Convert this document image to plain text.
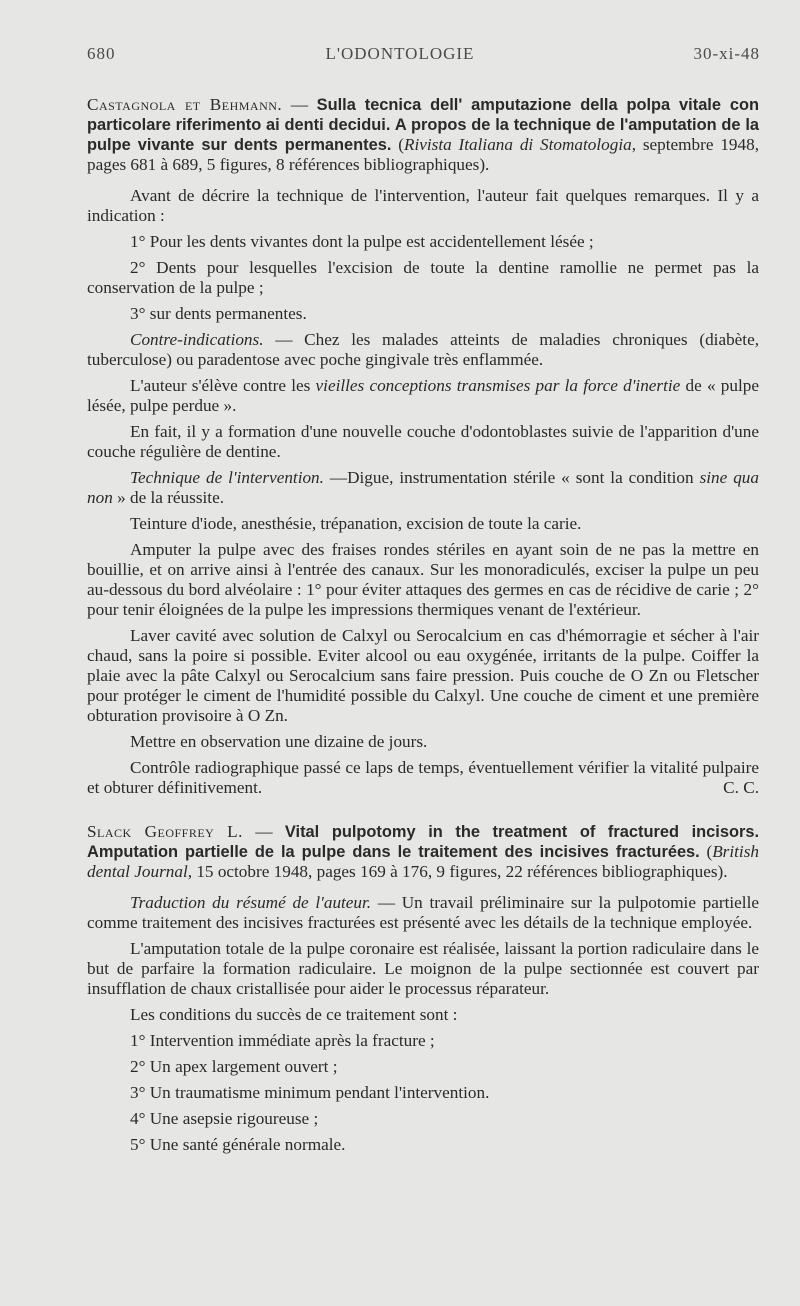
680	L'ODONTOLOGIE	30-xi-48

Castagnola et Behmann. — Sulla tecnica dell' amputazione della polpa vitale con particolare riferimento ai denti decidui. A propos de la technique de l'amputation de la pulpe vivante sur dents permanentes. (Rivista Italiana di Stomatologia, septembre 1948, pages 681 à 689, 5 figures, 8 références bibliographiques).

Avant de décrire la technique de l'intervention, l'auteur fait quelques remarques. Il y a indication :

1° Pour les dents vivantes dont la pulpe est accidentellement lésée ;

2° Dents pour lesquelles l'excision de toute la dentine ramollie ne permet pas la conservation de la pulpe ;

3° sur dents permanentes.

Contre-indications. — Chez les malades atteints de maladies chroniques (diabète, tuberculose) ou paradentose avec poche gingivale très enflammée.

L'auteur s'élève contre les vieilles conceptions transmises par la force d'inertie de « pulpe lésée, pulpe perdue ».

En fait, il y a formation d'une nouvelle couche d'odontoblastes suivie de l'apparition d'une couche régulière de dentine.

Technique de l'intervention. —Digue, instrumentation stérile « sont la condition sine qua non » de la réussite.

Teinture d'iode, anesthésie, trépanation, excision de toute la carie.

Amputer la pulpe avec des fraises rondes stériles en ayant soin de ne pas la mettre en bouillie, et on arrive ainsi à l'entrée des canaux. Sur les monoradiculés, exciser la pulpe un peu au-dessous du bord alvéolaire : 1° pour éviter attaques des germes en cas de récidive de carie ; 2° pour tenir éloignées de la pulpe les impressions thermiques venant de l'extérieur.

Laver cavité avec solution de Calxyl ou Serocalcium en cas d'hémorragie et sécher à l'air chaud, sans la poire si possible. Eviter alcool ou eau oxygénée, irritants de la pulpe. Coiffer la plaie avec la pâte Calxyl ou Serocalcium sans faire pression. Puis couche de O Zn ou Fletscher pour protéger le ciment de l'humidité possible du Calxyl. Une couche de ciment et une première obturation provisoire à O Zn.

Mettre en observation une dizaine de jours.

Contrôle radiographique passé ce laps de temps, éventuellement vérifier la vitalité pulpaire et obturer définitivement.	C. C.

Slack Geoffrey L. — Vital pulpotomy in the treatment of fractured incisors. Amputation partielle de la pulpe dans le traitement des incisives fracturées. (British dental Journal, 15 octobre 1948, pages 169 à 176, 9 figures, 22 références bibliographiques).

Traduction du résumé de l'auteur. — Un travail préliminaire sur la pulpotomie partielle comme traitement des incisives fracturées est présenté avec les détails de la technique employée.

L'amputation totale de la pulpe coronaire est réalisée, laissant la portion radiculaire dans le but de parfaire la formation radiculaire. Le moignon de la pulpe sectionnée est couvert par insufflation de chaux cristallisée pour aider le processus réparateur.

Les conditions du succès de ce traitement sont :

1° Intervention immédiate après la fracture ;

2° Un apex largement ouvert ;

3° Un traumatisme minimum pendant l'intervention.

4° Une asepsie rigoureuse ;

5° Une santé générale normale.
